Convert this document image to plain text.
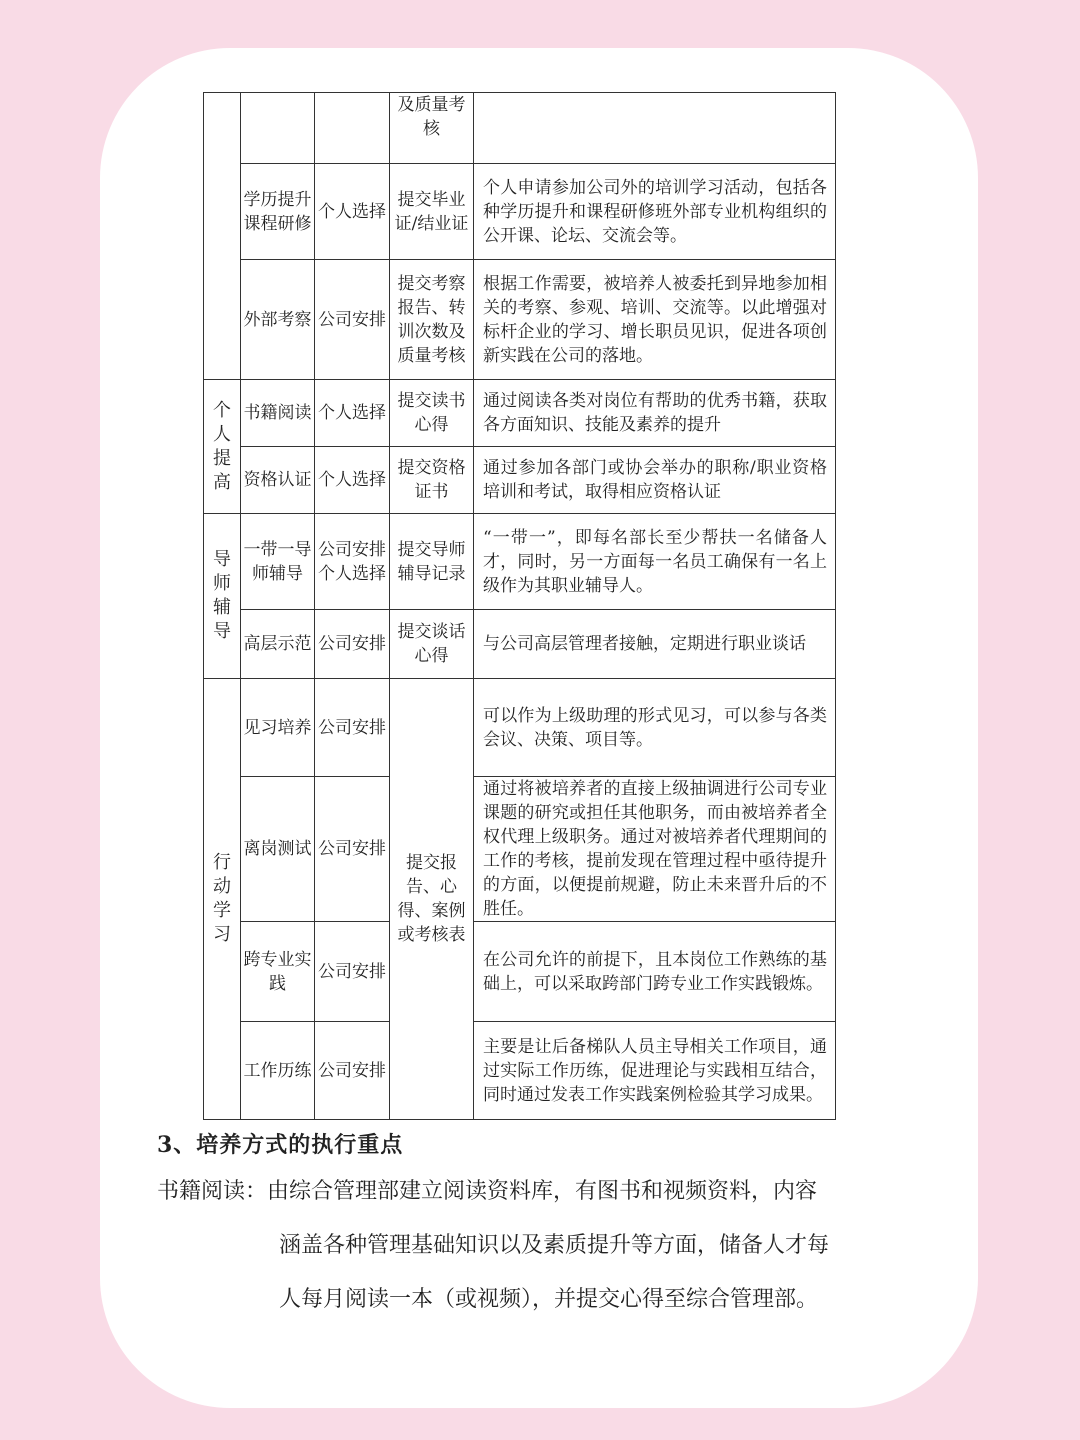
			及质量考核	
	学历提升课程研修	个人选择	提交毕业证/结业证	个人申请参加公司外的培训学习活动，包括各种学历提升和课程研修班外部专业机构组织的公开课、论坛、交流会等。
	外部考察	公司安排	提交考察报告、转训次数及质量考核	根据工作需要，被培养人被委托到异地参加相关的考察、参观、培训、交流等。以此增强对标杆企业的学习、增长职员见识，促进各项创新实践在公司的落地。

个人提高	书籍阅读	个人选择	提交读书心得	通过阅读各类对岗位有帮助的优秀书籍，获取各方面知识、技能及素养的提升
	资格认证	个人选择	提交资格证书	通过参加各部门或协会举办的职称/职业资格培训和考试，取得相应资格认证

导师辅导	一带一导师辅导	公司安排个人选择	提交导师辅导记录	“一带一”，即每名部长至少帮扶一名储备人才，同时，另一方面每一名员工确保有一名上级作为其职业辅导人。
	高层示范	公司安排	提交谈话心得	与公司高层管理者接触，定期进行职业谈话

行动学习	见习培养	公司安排	提交报告、心得、案例或考核表	可以作为上级助理的形式见习，可以参与各类会议、决策、项目等。
	离岗测试	公司安排		通过将被培养者的直接上级抽调进行公司专业课题的研究或担任其他职务，而由被培养者全权代理上级职务。通过对被培养者代理期间的工作的考核，提前发现在管理过程中亟待提升的方面，以便提前规避，防止未来晋升后的不胜任。
	跨专业实践	公司安排		在公司允许的前提下，且本岗位工作熟练的基础上，可以采取跨部门跨专业工作实践锻炼。
	工作历练	公司安排		主要是让后备梯队人员主导相关工作项目，通过实际工作历练，促进理论与实践相互结合，同时通过发表工作实践案例检验其学习成果。
3、培养方式的执行重点
书籍阅读：由综合管理部建立阅读资料库，有图书和视频资料，内容
涵盖各种管理基础知识以及素质提升等方面，储备人才每
人每月阅读一本（或视频），并提交心得至综合管理部。
